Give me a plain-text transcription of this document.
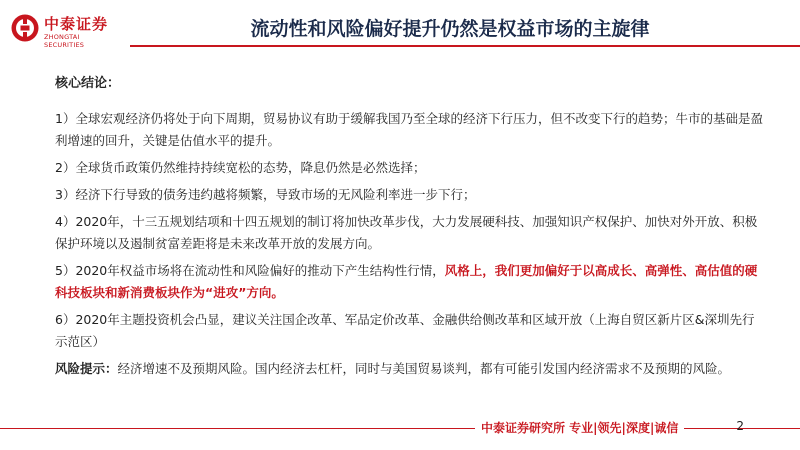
中泰证券
ZHONGTAI SECURITIES
流动性和风险偏好提升仍然是权益市场的主旋律
核心结论：
1）全球宏观经济仍将处于向下周期，贸易协议有助于缓解我国乃至全球的经济下行压力，但不改变下行的趋势；牛市的基础是盈利增速的回升，关键是估值水平的提升。
2）全球货币政策仍然维持持续宽松的态势，降息仍然是必然选择；
3）经济下行导致的债务违约越将频繁，导致市场的无风险利率进一步下行；
4）2020年，十三五规划结项和十四五规划的制订将加快改革步伐，大力发展硬科技、加强知识产权保护、加快对外开放、积极保护环境以及遏制贫富差距将是未来改革开放的发展方向。
5）2020年权益市场将在流动性和风险偏好的推动下产生结构性行情，风格上，我们更加偏好于以高成长、高弹性、高估值的硬科技板块和新消费板块作为“进攻”方向。
6）2020年主题投资机会凸显，建议关注国企改革、军品定价改革、金融供给侧改革和区域开放（上海自贸区新片区&深圳先行示范区）
风险提示：经济增速不及预期风险。国内经济去杠杆，同时与美国贸易谈判，都有可能引发国内经济需求不及预期的风险。
中泰证券研究所 专业|领先|深度|诚信	2
